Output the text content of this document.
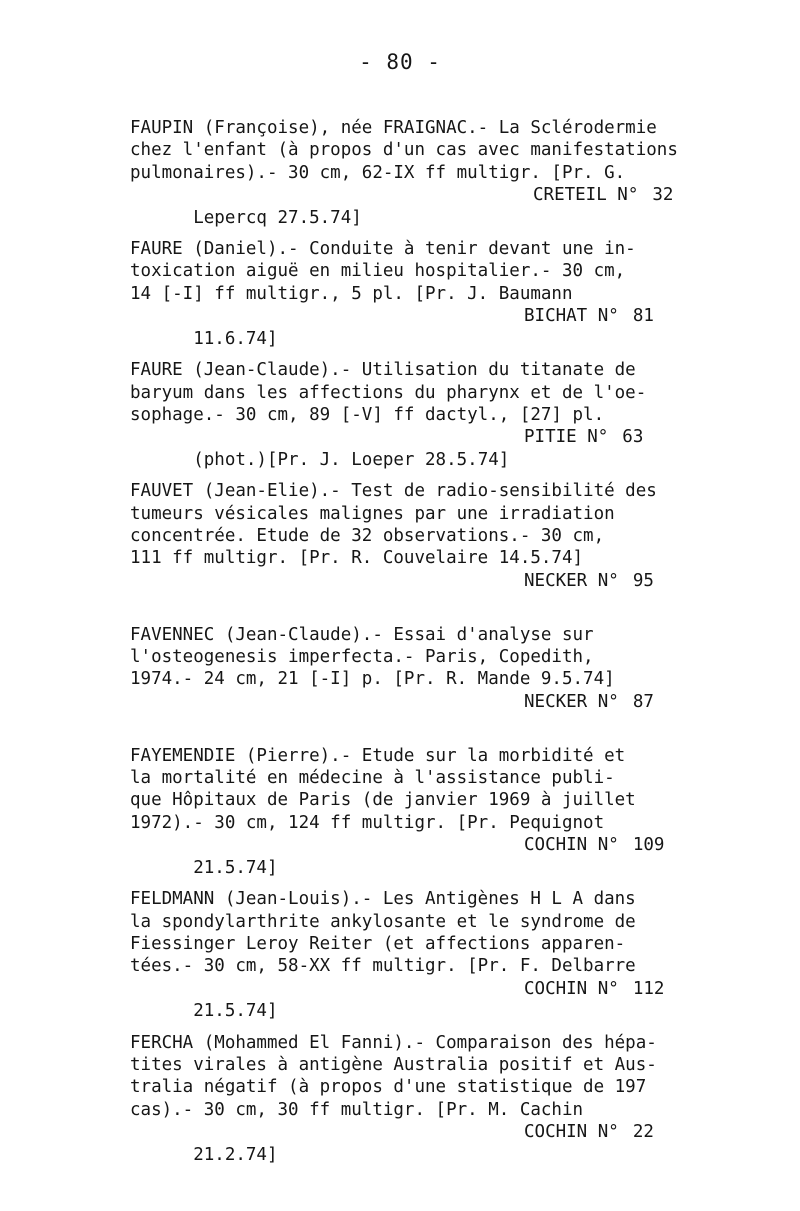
- 80 -
FAUPIN (Françoise), née FRAIGNAC.- La Sclérodermie
chez l'enfant (à propos d'un cas avec manifestations
pulmonaires).- 30 cm, 62-IX ff multigr. [Pr. G.

Lepercq 27.5.74]

CRETEIL N° 32

FAURE (Daniel).- Conduite à tenir devant une in-
toxication aiguë en milieu hospitalier.- 30 cm,
14 [-I] ff multigr., 5 pl. [Pr. J. Baumann

11.6.74]

BICHAT N° 81

FAURE (Jean-Claude).- Utilisation du titanate de
baryum dans les affections du pharynx et de l'oe-
sophage.- 30 cm, 89 [-V] ff dactyl., [27] pl.

(phot.)[Pr. J. Loeper 28.5.74]

PITIE N° 63

FAUVET (Jean-Elie).- Test de radio-sensibilité des
tumeurs vésicales malignes par une irradiation
concentrée. Etude de 32 observations.- 30 cm,
111 ff multigr. [Pr. R. Couvelaire 14.5.74]

NECKER N° 95

FAVENNEC (Jean-Claude).- Essai d'analyse sur
l'osteogenesis imperfecta.- Paris, Copedith,
1974.- 24 cm, 21 [-I] p. [Pr. R. Mande 9.5.74]

NECKER N° 87

FAYEMENDIE (Pierre).- Etude sur la morbidité et
la mortalité en médecine à l'assistance publi-
que Hôpitaux de Paris (de janvier 1969 à juillet
1972).- 30 cm, 124 ff multigr. [Pr. Pequignot

21.5.74]

COCHIN N° 109

FELDMANN (Jean-Louis).- Les Antigènes H L A dans
la spondylarthrite ankylosante et le syndrome de
Fiessinger Leroy Reiter (et affections apparen-
tées.- 30 cm, 58-XX ff multigr. [Pr. F. Delbarre

21.5.74]

COCHIN N° 112

FERCHA (Mohammed El Fanni).- Comparaison des hépa-
tites virales à antigène Australia positif et Aus-
tralia négatif (à propos d'une statistique de 197
cas).- 30 cm, 30 ff multigr. [Pr. M. Cachin

21.2.74]

COCHIN N° 22
